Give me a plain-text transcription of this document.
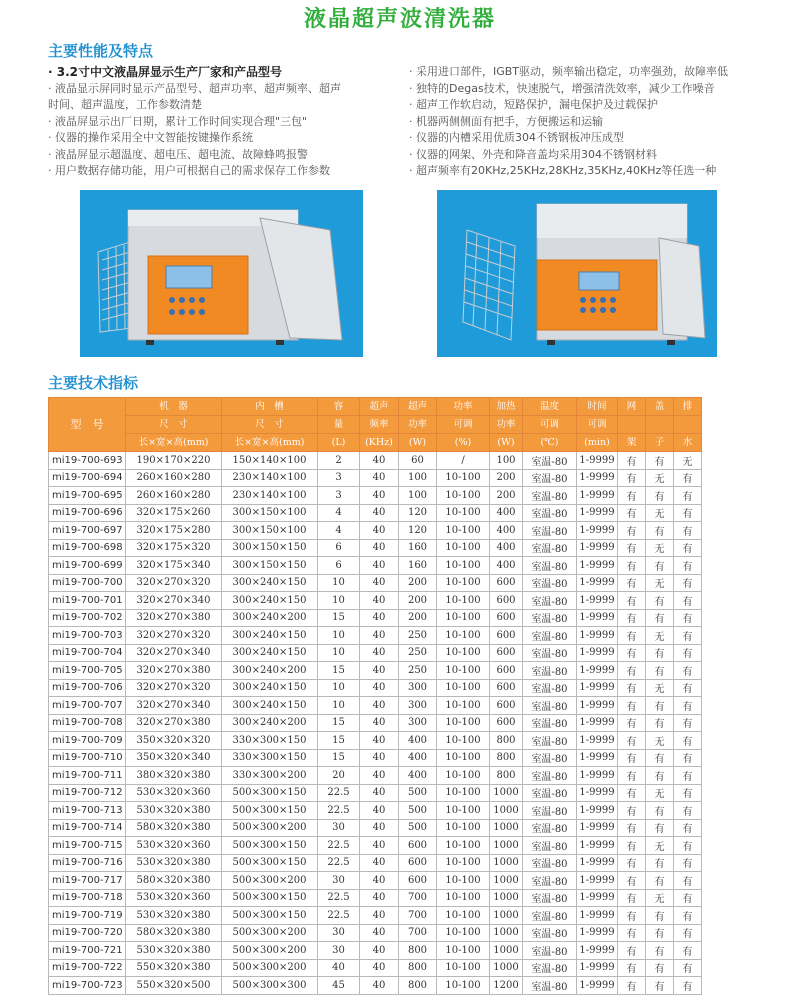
液晶超声波清洗器
主要性能及特点
· 3.2寸中文液晶屏显示生产厂家和产品型号
· 液晶显示屏同时显示产品型号、超声功率、超声频率、超声
时间、超声温度，工作参数清楚
· 液晶屏显示出厂日期，累计工作时间实现合理"三包"
· 仪器的操作采用全中文智能按键操作系统
· 液晶屏显示超温度、超电压、超电流、故障蜂鸣报警
· 用户数据存储功能，用户可根据自己的需求保存工作参数
· 采用进口部件，IGBT驱动，频率输出稳定，功率强劲，故障率低
· 独特的Degas技术，快速脱气，增强清洗效率，减少工作噪音
· 超声工作软启动，短路保护，漏电保护及过载保护
· 机器两侧侧面有把手，方便搬运和运输
· 仪器的内槽采用优质304不锈钢板冲压成型
· 仪器的网架、外壳和降音盖均采用304不锈钢材料
· 超声频率有20KHz,25KHz,28KHz,35KHz,40KHz等任选一种
主要技术指标
型　号	机　器	内　槽	容	超声	超声	功率	加热	温度	时间	网	盖	排
	尺　寸	尺　寸	量	频率	功率	可调	功率	可调	可调			
	长×宽×高(mm)	长×宽×高(mm)	(L)	(KHz)	(W)	(%)	(W)	(℃)	(min)	架	子	水
mi19-700-693	190×170×220	150×140×100	2	40	60	/	100	室温-80	1-9999	有	有	无
mi19-700-694	260×160×280	230×140×100	3	40	100	10-100	200	室温-80	1-9999	有	无	有
mi19-700-695	260×160×280	230×140×100	3	40	100	10-100	200	室温-80	1-9999	有	有	有
mi19-700-696	320×175×260	300×150×100	4	40	120	10-100	400	室温-80	1-9999	有	无	有
mi19-700-697	320×175×280	300×150×100	4	40	120	10-100	400	室温-80	1-9999	有	有	有
mi19-700-698	320×175×320	300×150×150	6	40	160	10-100	400	室温-80	1-9999	有	无	有
mi19-700-699	320×175×340	300×150×150	6	40	160	10-100	400	室温-80	1-9999	有	有	有
mi19-700-700	320×270×320	300×240×150	10	40	200	10-100	600	室温-80	1-9999	有	无	有
mi19-700-701	320×270×340	300×240×150	10	40	200	10-100	600	室温-80	1-9999	有	有	有
mi19-700-702	320×270×380	300×240×200	15	40	200	10-100	600	室温-80	1-9999	有	有	有
mi19-700-703	320×270×320	300×240×150	10	40	250	10-100	600	室温-80	1-9999	有	无	有
mi19-700-704	320×270×340	300×240×150	10	40	250	10-100	600	室温-80	1-9999	有	有	有
mi19-700-705	320×270×380	300×240×200	15	40	250	10-100	600	室温-80	1-9999	有	有	有
mi19-700-706	320×270×320	300×240×150	10	40	300	10-100	600	室温-80	1-9999	有	无	有
mi19-700-707	320×270×340	300×240×150	10	40	300	10-100	600	室温-80	1-9999	有	有	有
mi19-700-708	320×270×380	300×240×200	15	40	300	10-100	600	室温-80	1-9999	有	有	有
mi19-700-709	350×320×320	330×300×150	15	40	400	10-100	800	室温-80	1-9999	有	无	有
mi19-700-710	350×320×340	330×300×150	15	40	400	10-100	800	室温-80	1-9999	有	有	有
mi19-700-711	380×320×380	330×300×200	20	40	400	10-100	800	室温-80	1-9999	有	有	有
mi19-700-712	530×320×360	500×300×150	22.5	40	500	10-100	1000	室温-80	1-9999	有	无	有
mi19-700-713	530×320×380	500×300×150	22.5	40	500	10-100	1000	室温-80	1-9999	有	有	有
mi19-700-714	580×320×380	500×300×200	30	40	500	10-100	1000	室温-80	1-9999	有	有	有
mi19-700-715	530×320×360	500×300×150	22.5	40	600	10-100	1000	室温-80	1-9999	有	无	有
mi19-700-716	530×320×380	500×300×150	22.5	40	600	10-100	1000	室温-80	1-9999	有	有	有
mi19-700-717	580×320×380	500×300×200	30	40	600	10-100	1000	室温-80	1-9999	有	有	有
mi19-700-718	530×320×360	500×300×150	22.5	40	700	10-100	1000	室温-80	1-9999	有	无	有
mi19-700-719	530×320×380	500×300×150	22.5	40	700	10-100	1000	室温-80	1-9999	有	有	有
mi19-700-720	580×320×380	500×300×200	30	40	700	10-100	1000	室温-80	1-9999	有	有	有
mi19-700-721	530×320×380	500×300×200	30	40	800	10-100	1000	室温-80	1-9999	有	有	有
mi19-700-722	550×320×380	500×300×200	40	40	800	10-100	1000	室温-80	1-9999	有	有	有
mi19-700-723	550×320×500	500×300×300	45	40	800	10-100	1200	室温-80	1-9999	有	有	有
